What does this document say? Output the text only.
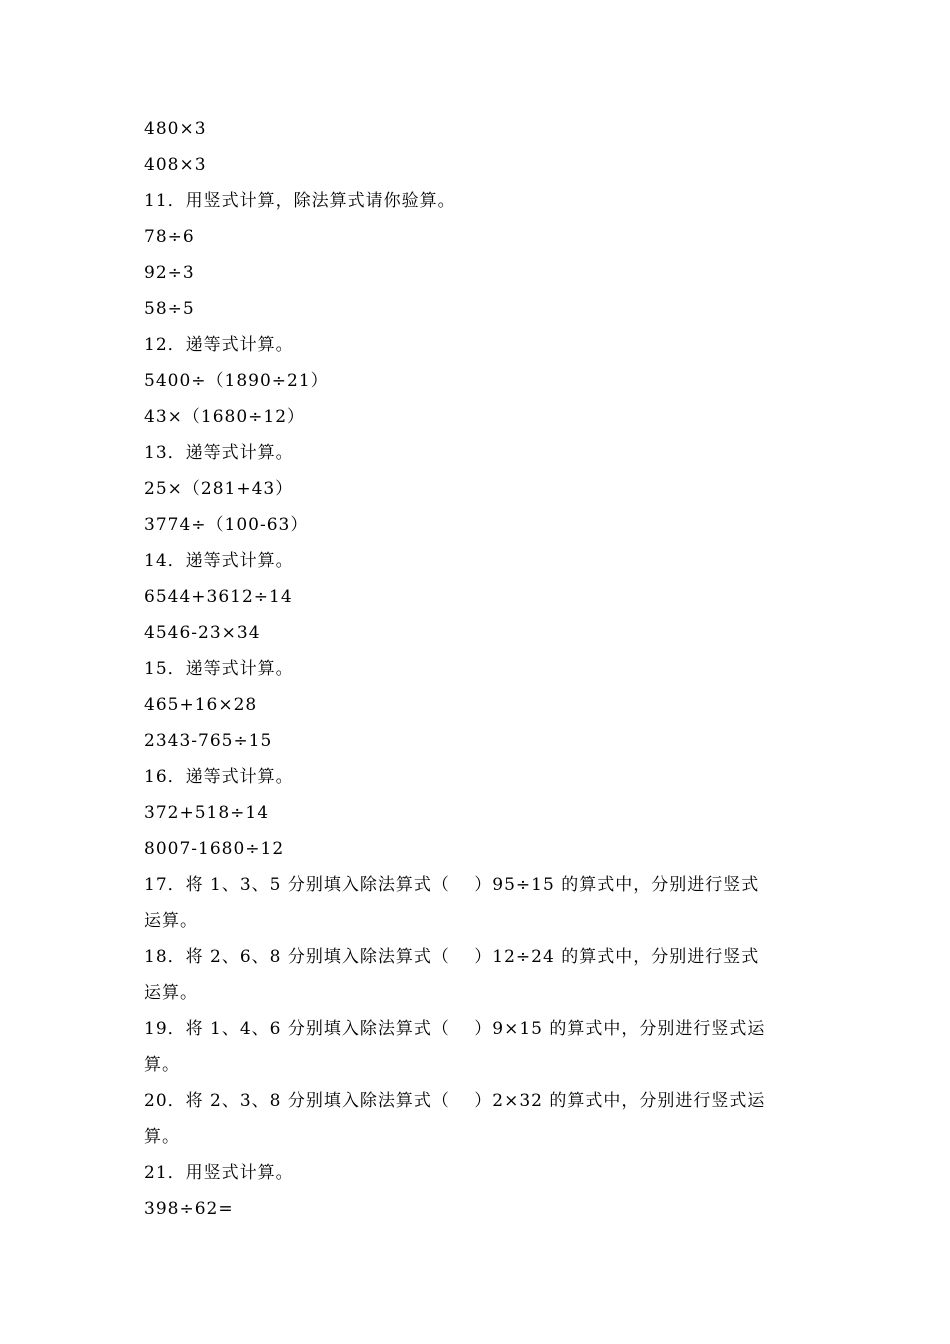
480×3
408×3
11．用竖式计算，除法算式请你验算。
78÷6
92÷3
58÷5
12．递等式计算。
5400÷（1890÷21）
43×（1680÷12）
13．递等式计算。
25×（281+43）
3774÷（100-63）
14．递等式计算。
6544+3612÷14
4546-23×34
15．递等式计算。
465+16×28
2343-765÷15
16．递等式计算。
372+518÷14
8007-1680÷12
17．将 1、3、5 分别填入除法算式（　 ）95÷15 的算式中，分别进行竖式
运算。
18．将 2、6、8 分别填入除法算式（　 ）12÷24 的算式中，分别进行竖式
运算。
19．将 1、4、6 分别填入除法算式（　 ）9×15 的算式中，分别进行竖式运
算。
20．将 2、3、8 分别填入除法算式（　 ）2×32 的算式中，分别进行竖式运
算。
21．用竖式计算。
398÷62=
